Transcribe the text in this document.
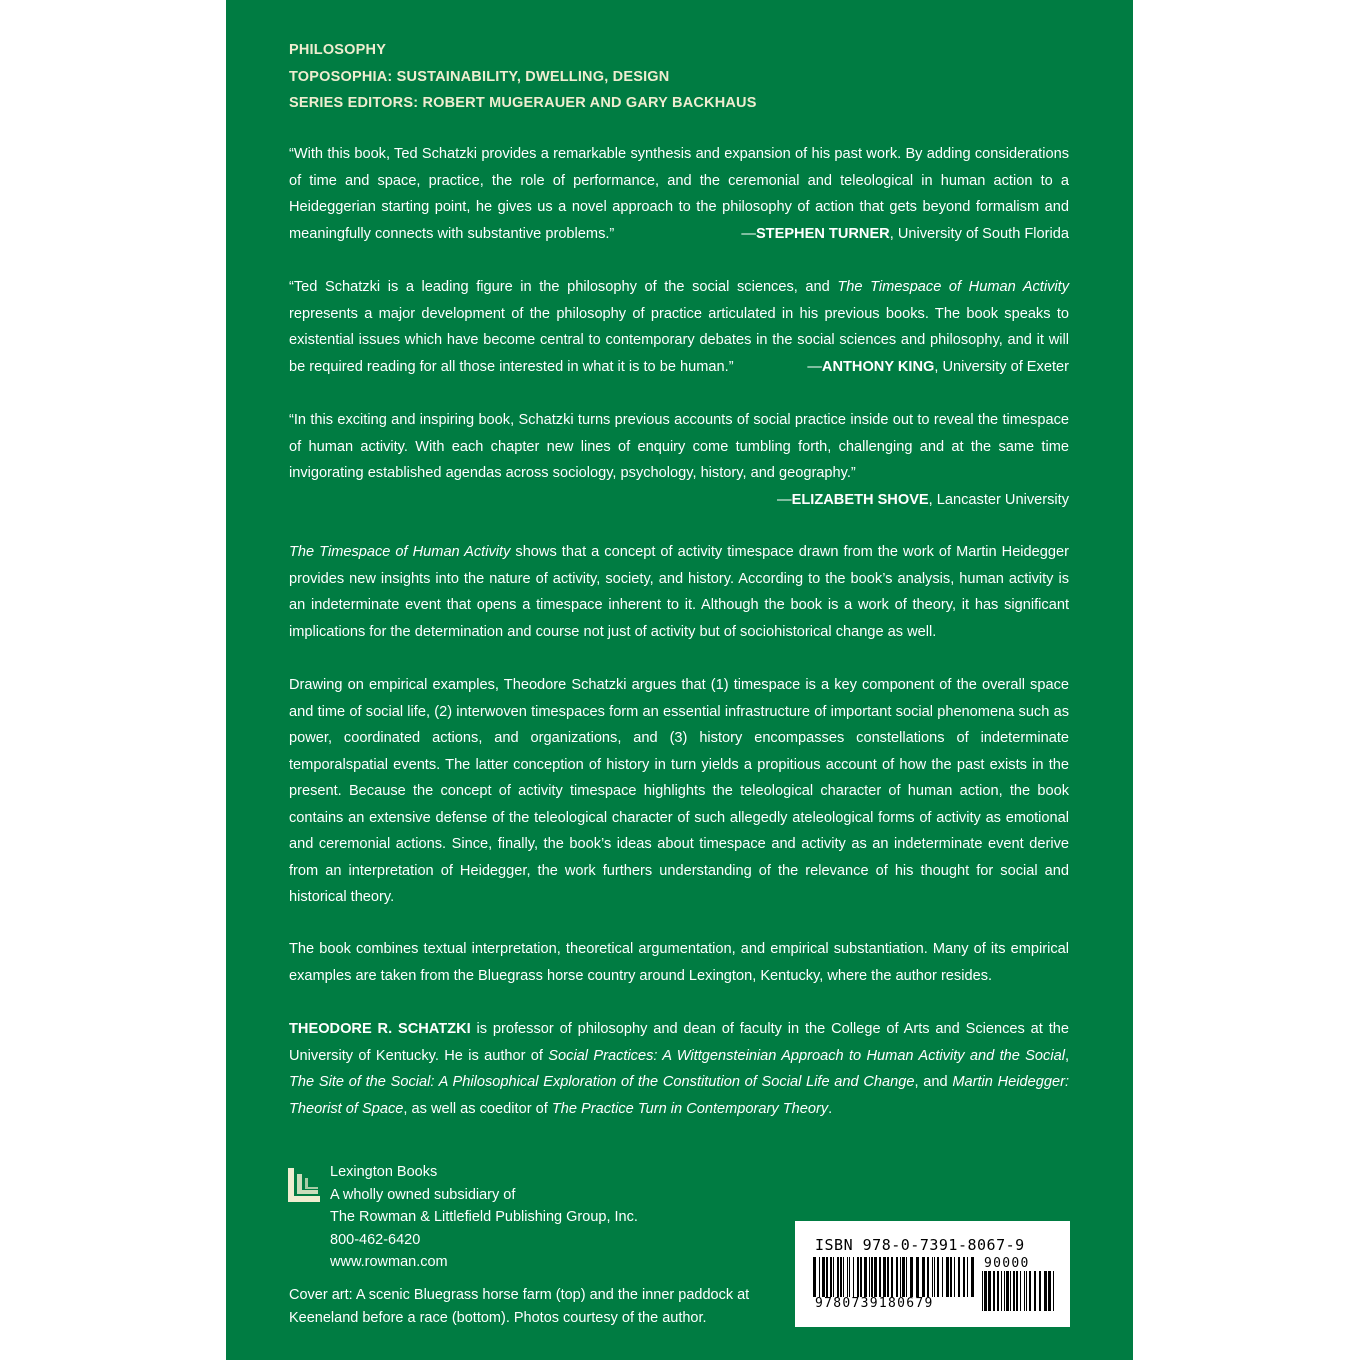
PHILOSOPHY
TOPOSOPHIA: SUSTAINABILITY, DWELLING, DESIGN
SERIES EDITORS: ROBERT MUGERAUER AND GARY BACKHAUS

“With this book, Ted Schatzki provides a remarkable synthesis and expansion of his past work. By adding considerations of time and space, practice, the role of performance, and the ceremonial and teleological in human action to a Heideggerian starting point, he gives us a novel approach to the philosophy of action that gets beyond formalism and meaningfully connects with substantive problems.”	—STEPHEN TURNER, University of South Florida

“Ted Schatzki is a leading figure in the philosophy of the social sciences, and The Timespace of Human Activity represents a major development of the philosophy of practice articulated in his previous books. The book speaks to existential issues which have become central to contemporary debates in the social sciences and philosophy, and it will be required reading for all those interested in what it is to be human.”	—ANTHONY KING, University of Exeter

“In this exciting and inspiring book, Schatzki turns previous accounts of social practice inside out to reveal the timespace of human activity. With each chapter new lines of enquiry come tumbling forth, challenging and at the same time invigorating established agendas across sociology, psychology, history, and geography.”

—ELIZABETH SHOVE, Lancaster University

The Timespace of Human Activity shows that a concept of activity timespace drawn from the work of Martin Heidegger provides new insights into the nature of activity, society, and history. According to the book’s analysis, human activity is an indeterminate event that opens a timespace inherent to it. Although the book is a work of theory, it has significant implications for the determination and course not just of activity but of sociohistorical change as well.

Drawing on empirical examples, Theodore Schatzki argues that (1) timespace is a key component of the overall space and time of social life, (2) interwoven timespaces form an essential infrastructure of important social phenomena such as power, coordinated actions, and organizations, and (3) history encompasses constellations of indeterminate temporalspatial events. The latter conception of history in turn yields a propitious account of how the past exists in the present. Because the concept of activity timespace highlights the teleological character of human action, the book contains an extensive defense of the teleological character of such allegedly ateleological forms of activity as emotional and ceremonial actions. Since, finally, the book’s ideas about timespace and activity as an indeterminate event derive from an interpretation of Heidegger, the work furthers understanding of the relevance of his thought for social and historical theory.

The book combines textual interpretation, theoretical argumentation, and empirical substantiation. Many of its empirical examples are taken from the Bluegrass horse country around Lexington, Kentucky, where the author resides.

THEODORE R. SCHATZKI is professor of philosophy and dean of faculty in the College of Arts and Sciences at the University of Kentucky. He is author of Social Practices: A Wittgensteinian Approach to Human Activity and the Social, The Site of the Social: A Philosophical Exploration of the Constitution of Social Life and Change, and Martin Heidegger: Theorist of Space, as well as coeditor of The Practice Turn in Contemporary Theory.

Lexington Books
A wholly owned subsidiary of
The Rowman & Littlefield Publishing Group, Inc.
800-462-6420
www.rowman.com
Cover art: A scenic Bluegrass horse farm (top) and the inner paddock at Keeneland before a race (bottom). Photos courtesy of the author.
ISBN 978-0-7391-8067-9
9780739180679
90000
